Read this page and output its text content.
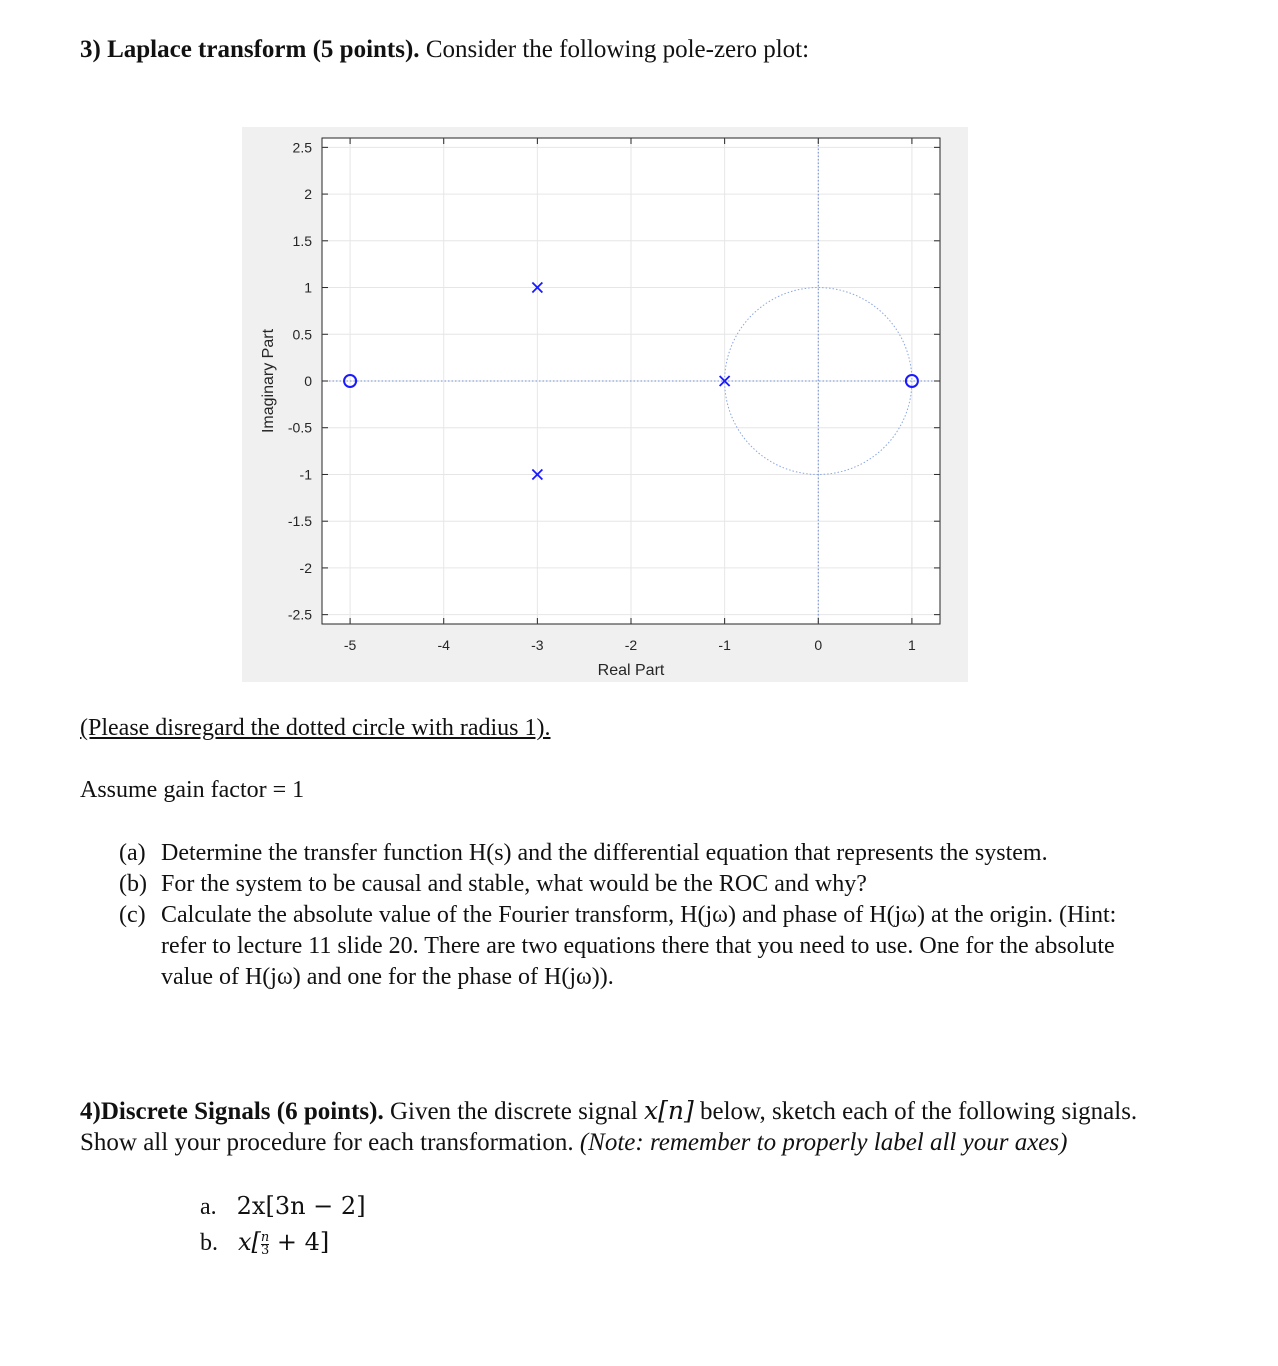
3) Laplace transform (5 points). Consider the following pole-zero plot:
-5	-4	-3	-2	-1	0	1
2.5
2
1.5
1
0.5
0
-0.5
-1
-1.5
-2
-2.5
Real Part
Imaginary Part
(Please disregard the dotted circle with radius 1).
Assume gain factor = 1
(a) Determine the transfer function H(s) and the differential equation that represents the system.
(b) For the system to be causal and stable, what would be the ROC and why?
(c) Calculate the absolute value of the Fourier transform, H(jω) and phase of H(jω) at the origin. (Hint: refer to lecture 11 slide 20. There are two equations there that you need to use. One for the absolute value of H(jω) and one for the phase of H(jω)).
4)Discrete Signals (6 points). Given the discrete signal x[n] below, sketch each of the following signals. Show all your procedure for each transformation. (Note: remember to properly label all your axes)
a. 2x[3n − 2]
b. $x[ \frac{n}{3} + 4]$
